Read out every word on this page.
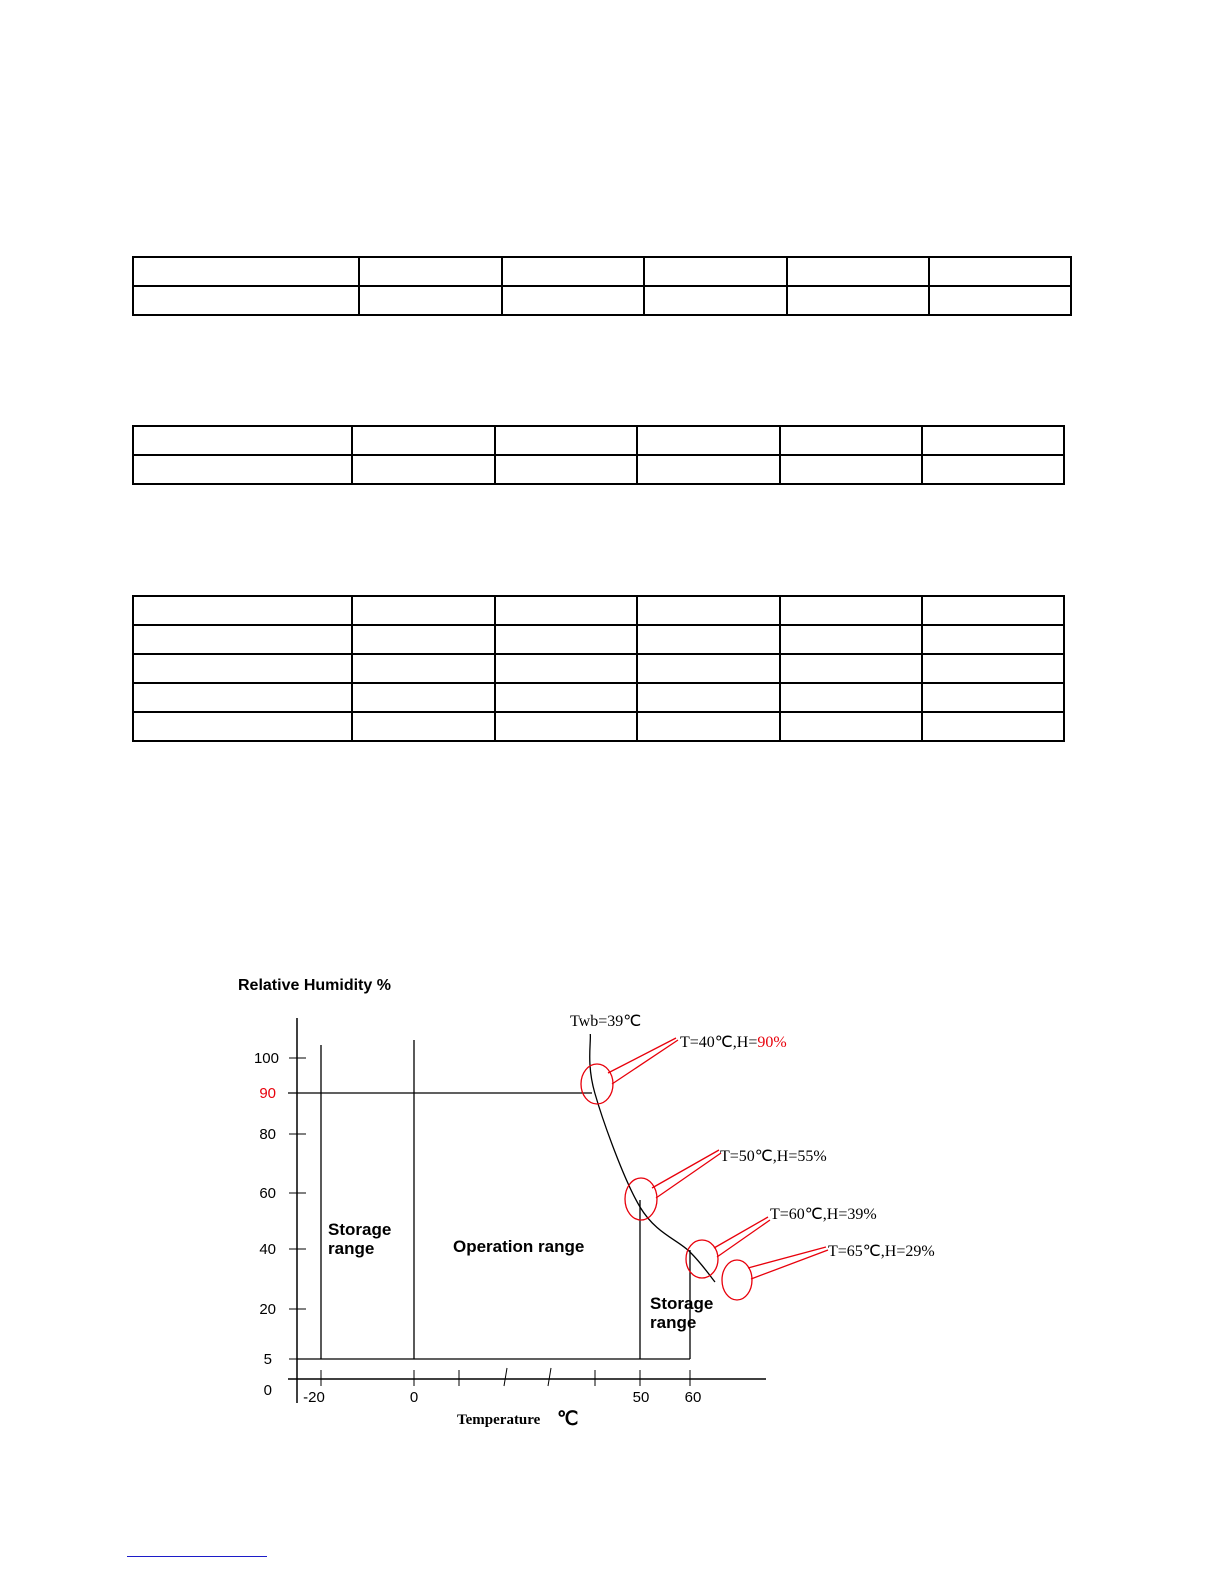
Relative Humidity %
Temperature ℃
100
90
80
60
40
20
5
0 -20	0	50 60
Twb=39℃
Storage
range	Operation range
Storage
range
T=40℃,H=90%
T=50℃,H=55%
T=60℃,H=39%
T=65℃,H=29%
